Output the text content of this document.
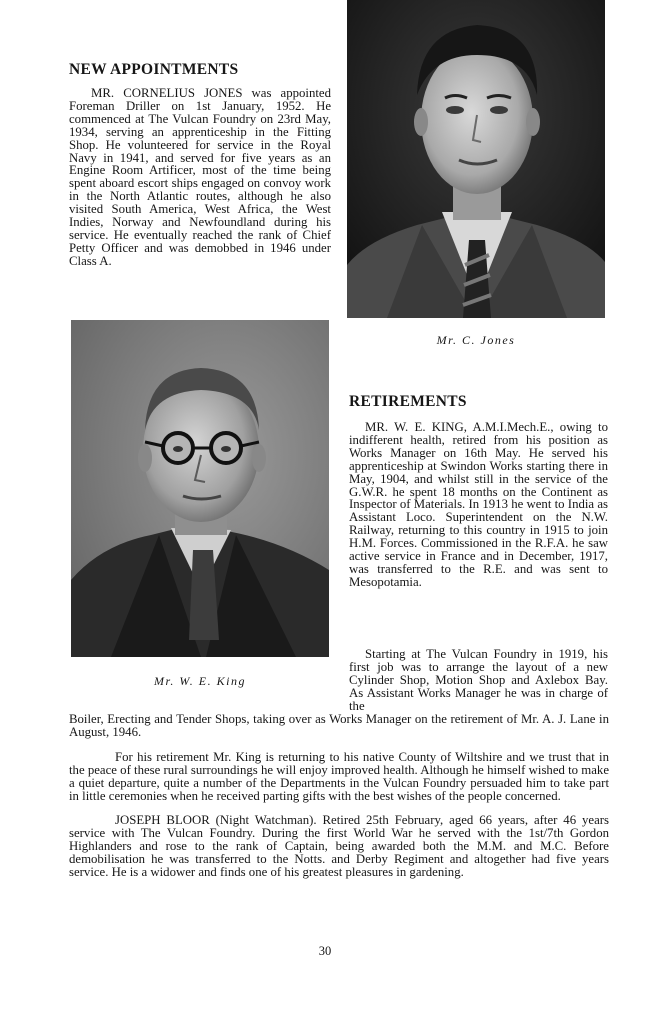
NEW APPOINTMENTS

MR. CORNELIUS JONES was appointed Foreman Driller on 1st January, 1952. He commenced at The Vulcan Foundry on 23rd May, 1934, serving an apprenticeship in the Fitting Shop. He volunteered for service in the Royal Navy in 1941, and served for five years as an Engine Room Artificer, most of the time being spent aboard escort ships engaged on convoy work in the North Atlantic routes, although he also visited South America, West Africa, the West Indies, Norway and Newfoundland during his service. He eventually reached the rank of Chief Petty Officer and was demobbed in 1946 under Class A.

Mr. C. Jones
Mr. W. E. King
RETIREMENTS

MR. W. E. KING, A.M.I.Mech.E., owing to indifferent health, retired from his position as Works Manager on 16th May. He served his apprenticeship at Swindon Works starting there in May, 1904, and whilst still in the service of the G.W.R. he spent 18 months on the Continent as Inspector of Materials. In 1913 he went to India as Assistant Loco. Superintendent on the N.W. Railway, returning to this country in 1915 to join H.M. Forces. Commissioned in the R.F.A. he saw active service in France and in December, 1917, was transferred to the R.E. and was sent to Mesopotamia.

Starting at The Vulcan Foundry in 1919, his first job was to arrange the layout of a new Cylinder Shop, Motion Shop and Axlebox Bay. As Assistant Works Manager he was in charge of the

Boiler, Erecting and Tender Shops, taking over as Works Manager on the retirement of Mr. A. J. Lane in August, 1946.

For his retirement Mr. King is returning to his native County of Wiltshire and we trust that in the peace of these rural surroundings he will enjoy improved health. Although he himself wished to make a quiet departure, quite a number of the Departments in the Vulcan Foundry persuaded him to take part in little ceremonies when he received parting gifts with the best wishes of the people concerned.

JOSEPH BLOOR (Night Watchman). Retired 25th February, aged 66 years, after 46 years service with The Vulcan Foundry. During the first World War he served with the 1st/7th Gordon Highlanders and rose to the rank of Captain, being awarded both the M.M. and M.C. Before demobilisation he was transferred to the Notts. and Derby Regiment and altogether had five years service. He is a widower and finds one of his greatest pleasures in gardening.

30
